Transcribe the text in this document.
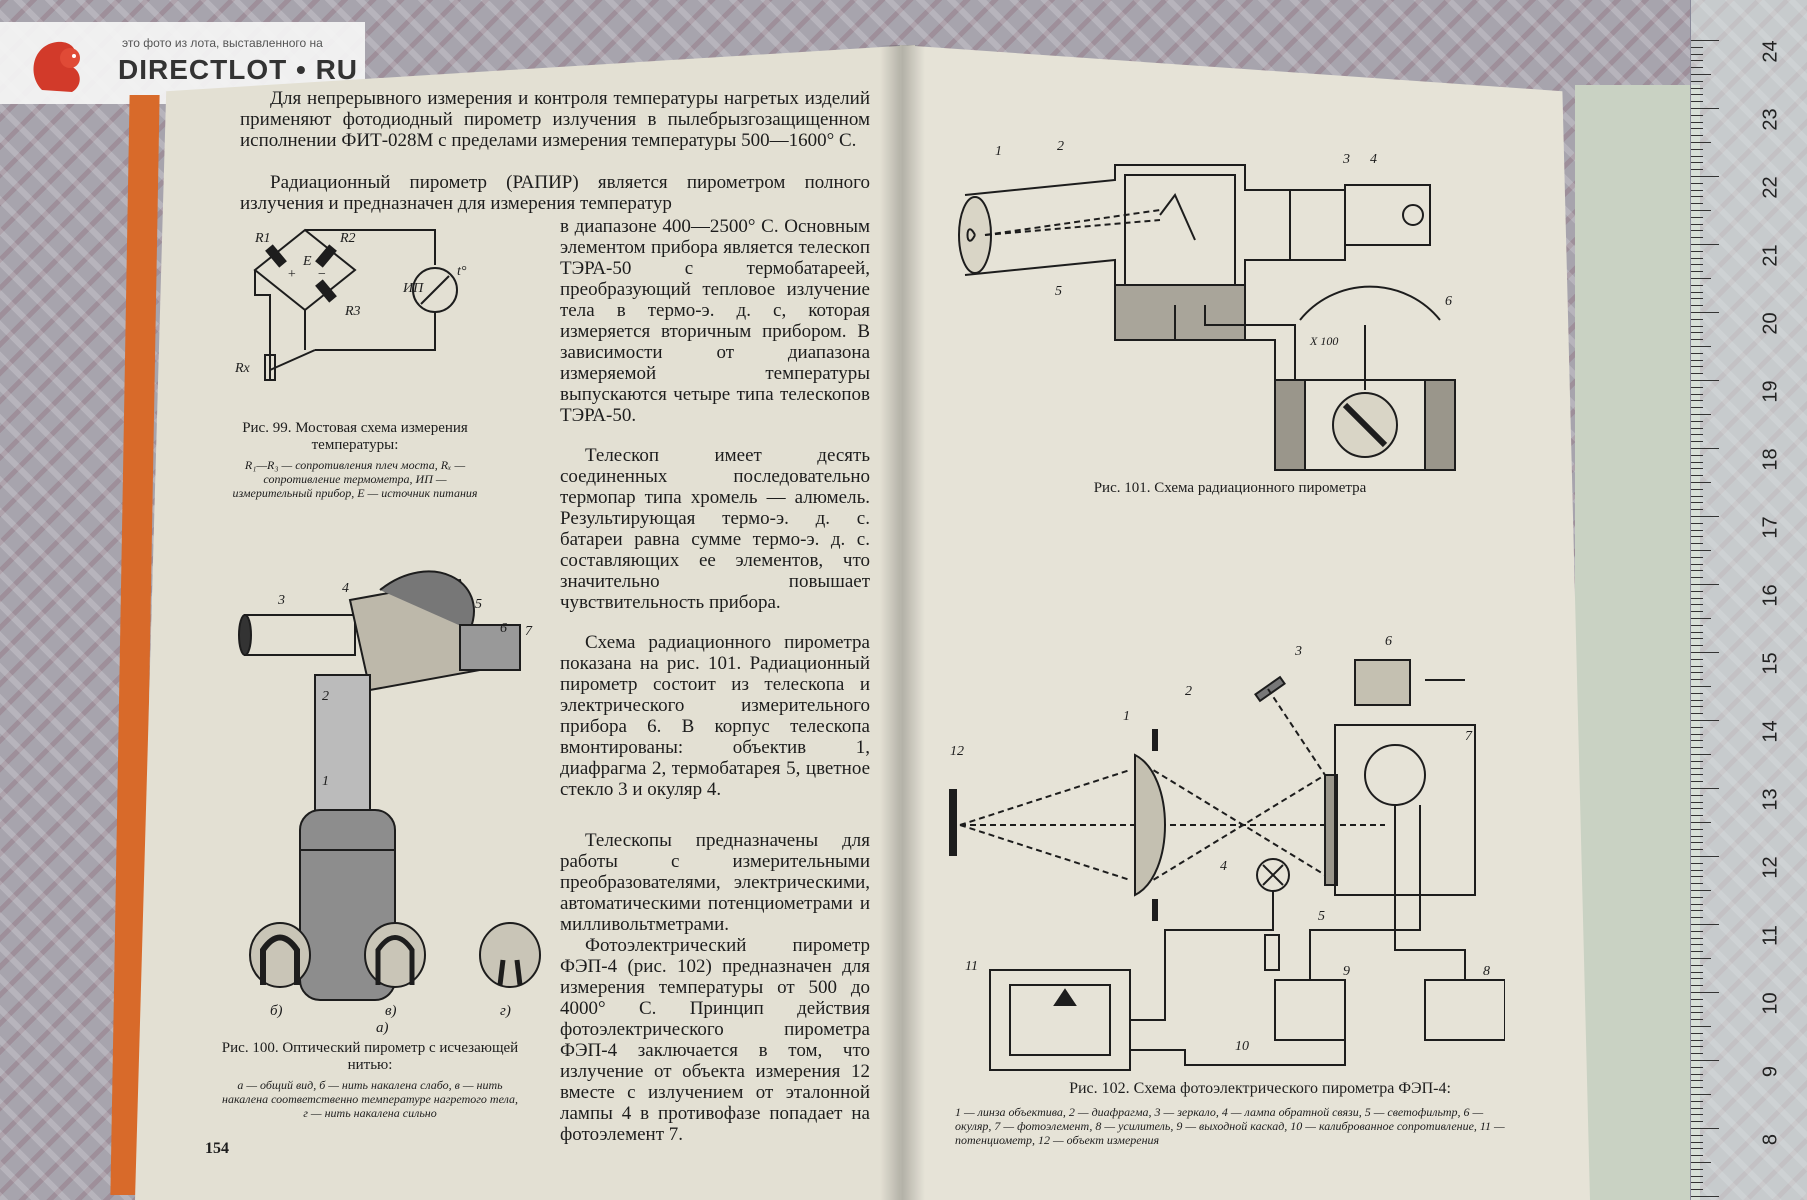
это фото из лота, выставленного на
DIRECTLOT • RU
24
23
22
21
20
19
18
17
16
15
14
13
12
11
10
9
8
Для непрерывного измерения и контроля температуры нагретых изделий применяют фотодиодный пирометр излучения в пылебрызгозащищенном исполнении ФИТ-028М с пределами измерения температуры 500—1600° С.
Радиационный пирометр (РАПИР) является пирометром полного излучения и предназначен для измерения температур
в диапазоне 400—2500° С. Основным элементом прибора является телескоп ТЭРА-50 с термобатареей, преобразующий тепловое излучение тела в термо-э. д. с, которая измеряется вторичным прибором. В зависимости от диапазона измеряемой температуры выпускаются четыре типа телескопов ТЭРА-50.
R1	R2
R3
Rx
E
+ −
ИП
t°
Рис. 99. Мостовая схема измерения температуры:
R₁—R₃ — сопротивления плеч моста, Rₓ — сопротивление термометра, ИП — измерительный прибор, E — источник питания
Телескоп имеет десять соединенных последовательно термопар типа хромель — алюмель. Результирующая термо-э. д. с. батареи равна сумме термо-э. д. с. составляющих ее элементов, что значительно повышает чувствительность прибора.
Схема радиационного пирометра показана на рис. 101. Радиационный пирометр состоит из телескопа и электрического измерительного прибора 6. В корпус телескопа вмонтированы: объектив 1, диафрагма 2, термобатарея 5, цветное стекло 3 и окуляр 4.
Телескопы предназначены для работы с измерительными преобразователями, электрическими, автоматическими потенциометрами и милливольтметрами.
Фотоэлектрический пирометр ФЭП-4 (рис. 102) предназначен для измерения температуры от 500 до 4000° С. Принцип действия фотоэлектрического пирометра ФЭП-4 заключается в том, что излучение от объекта измерения 12 вместе с излучением от эталонной лампы 4 в противофазе попадает на фотоэлемент 7.
3
4
5
6 7
2
1
а)
б)	в)	г)
Рис. 100. Оптический пирометр с исчезающей нитью:
а — общий вид, б — нить накалена слабо, в — нить накалена соответственно температуре нагретого тела, г — нить накалена сильно
154
1	2
3 4
5
6
X 100
Рис. 101. Схема радиационного пирометра
1
2
3
4
5
6
7
8
9
10
11
12
Рис. 102. Схема фотоэлектрического пирометра ФЭП-4:
1 — линза объектива, 2 — диафрагма, 3 — зеркало, 4 — лампа обратной связи, 5 — светофильтр, 6 — окуляр, 7 — фотоэлемент, 8 — усилитель, 9 — выходной каскад, 10 — калиброванное сопротивление, 11 — потенциометр, 12 — объект измерения
